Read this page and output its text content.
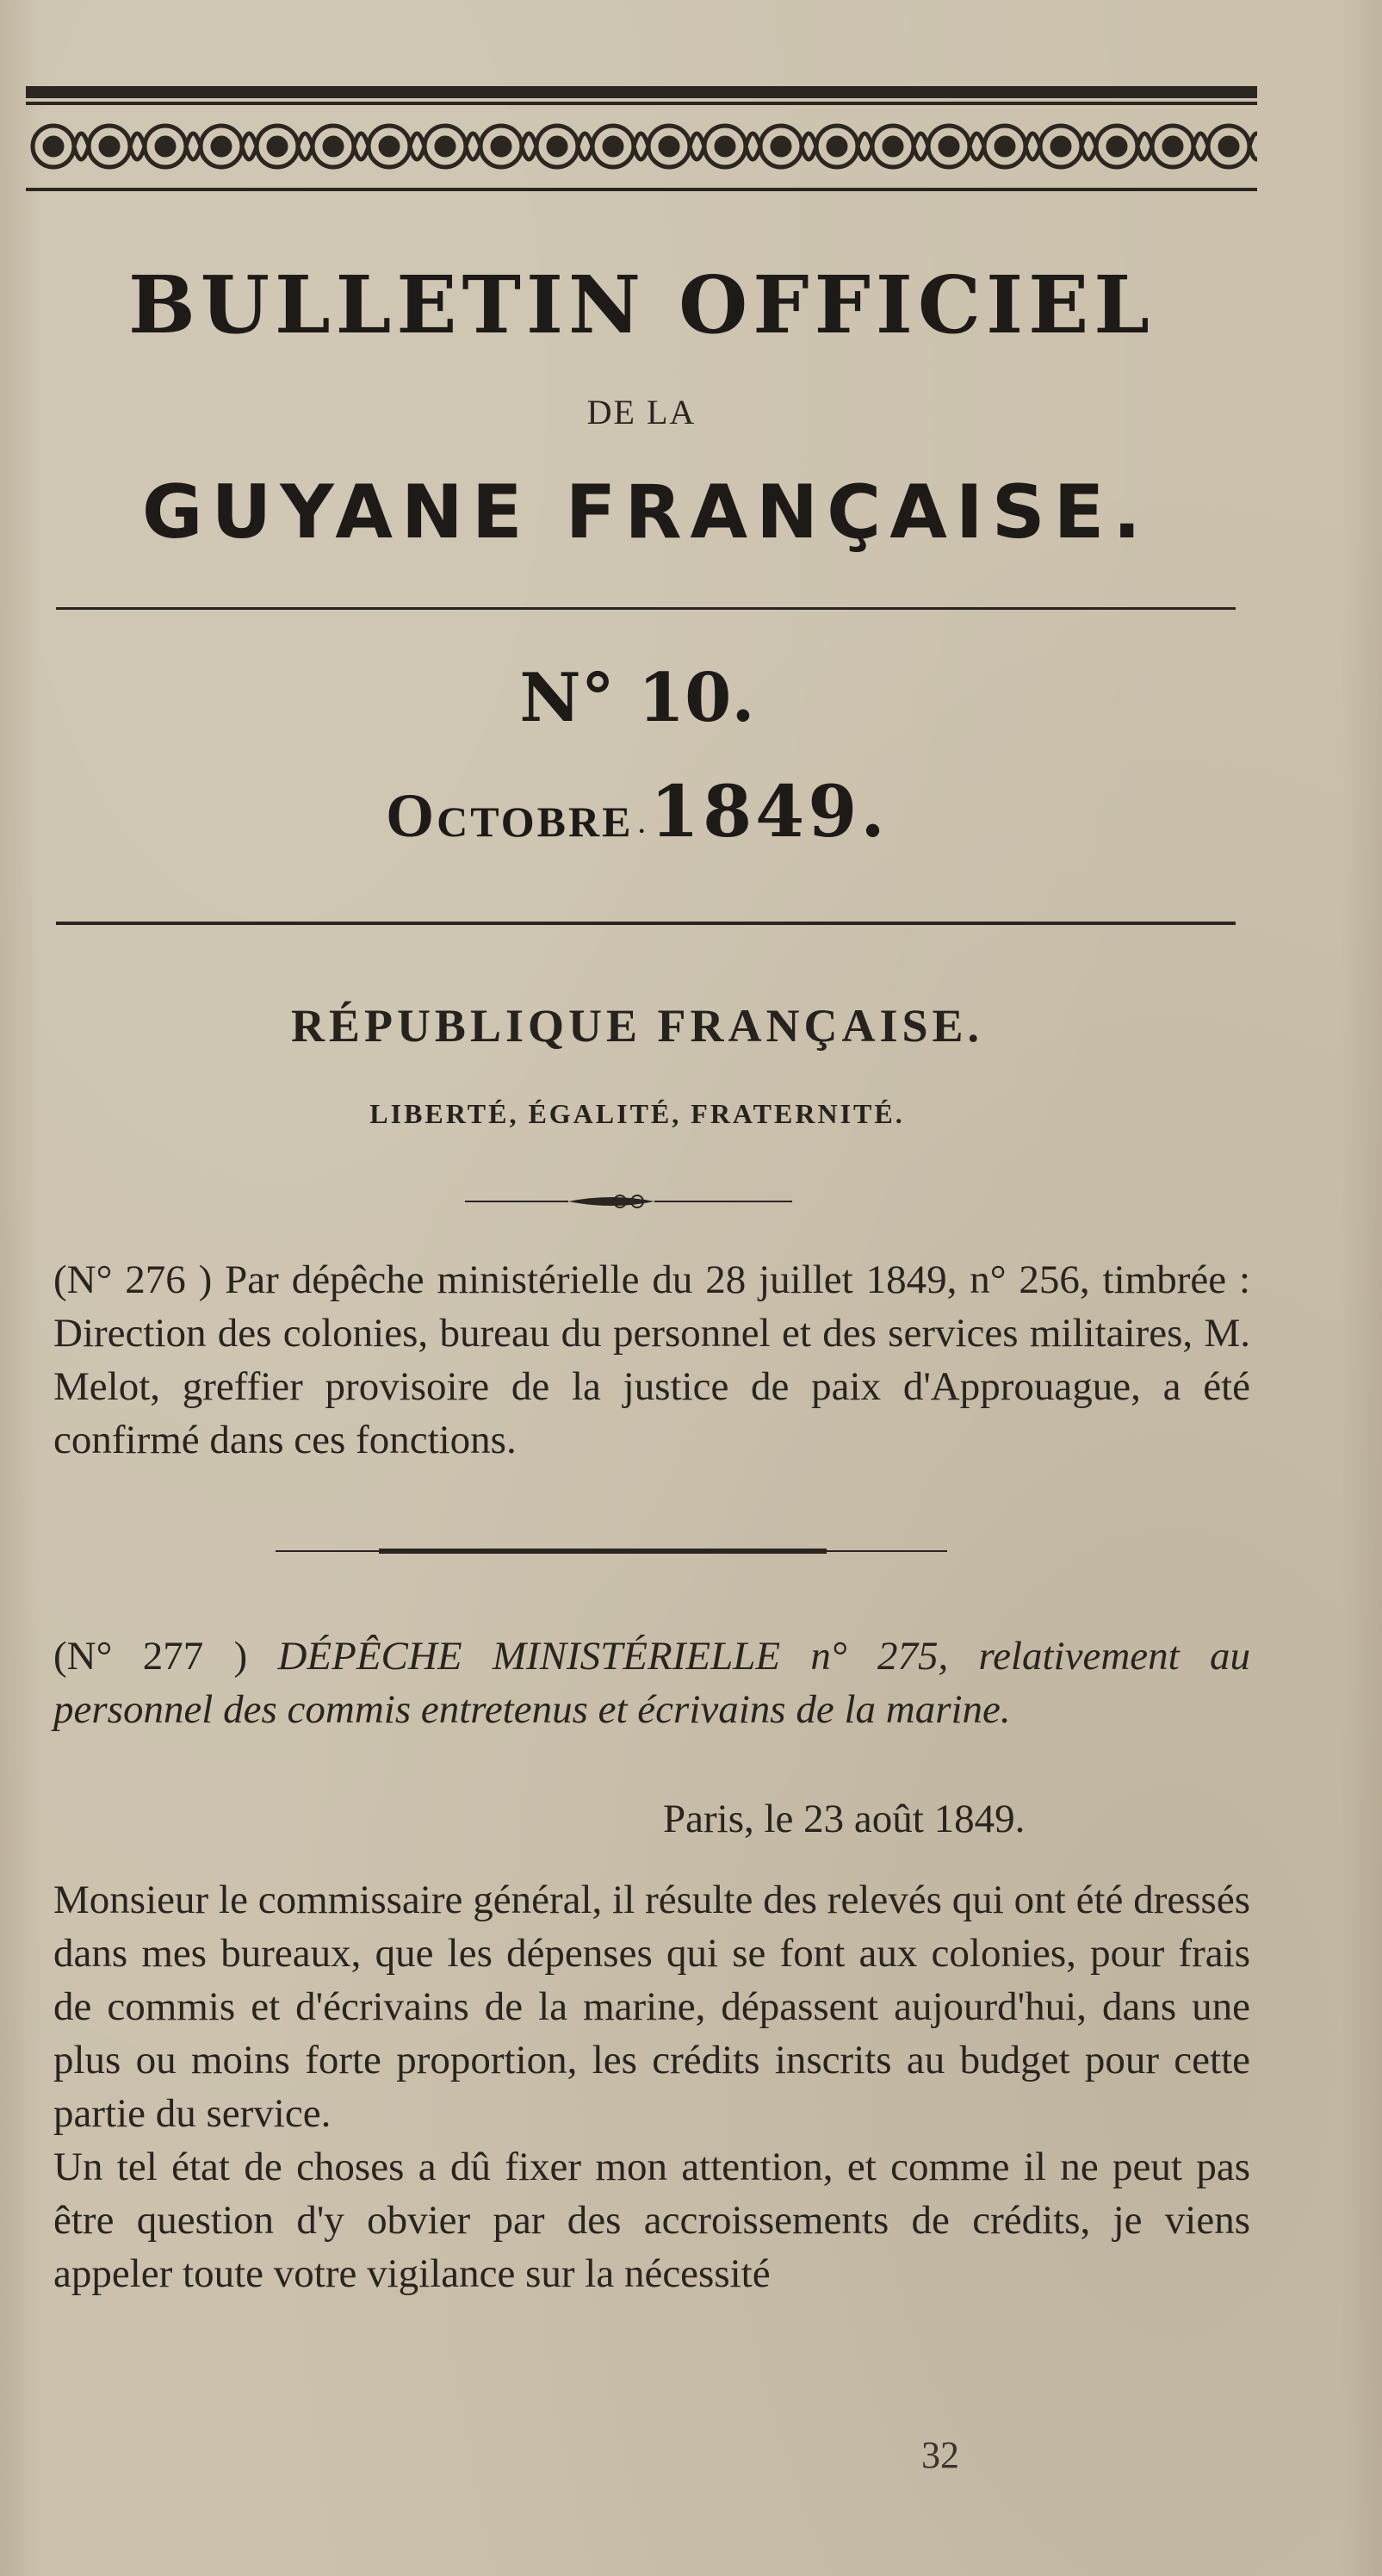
BULLETIN OFFICIEL
DE LA
GUYANE FRANÇAISE.
N° 10.
Octobre • 1849.
RÉPUBLIQUE FRANÇAISE.
LIBERTÉ, ÉGALITÉ, FRATERNITÉ.

(N° 276 ) Par dépêche ministérielle du 28 juillet 1849, n° 256, timbrée : Direction des colonies, bureau du personnel et des services militaires, M. Melot, greffier provisoire de la justice de paix d'Approuague, a été confirmé dans ces fonctions.

(N° 277 ) DÉPÊCHE MINISTÉRIELLE n° 275, relativement au personnel des commis entretenus et écrivains de la marine.

Paris, le 23 août 1849.

Monsieur le commissaire général, il résulte des relevés qui ont été dressés dans mes bureaux, que les dépenses qui se font aux colonies, pour frais de commis et d'écrivains de la marine, dépassent aujourd'hui, dans une plus ou moins forte proportion, les crédits inscrits au budget pour cette partie du service.

Un tel état de choses a dû fixer mon attention, et comme il ne peut pas être question d'y obvier par des accroissements de crédits, je viens appeler toute votre vigilance sur la nécessité

32
